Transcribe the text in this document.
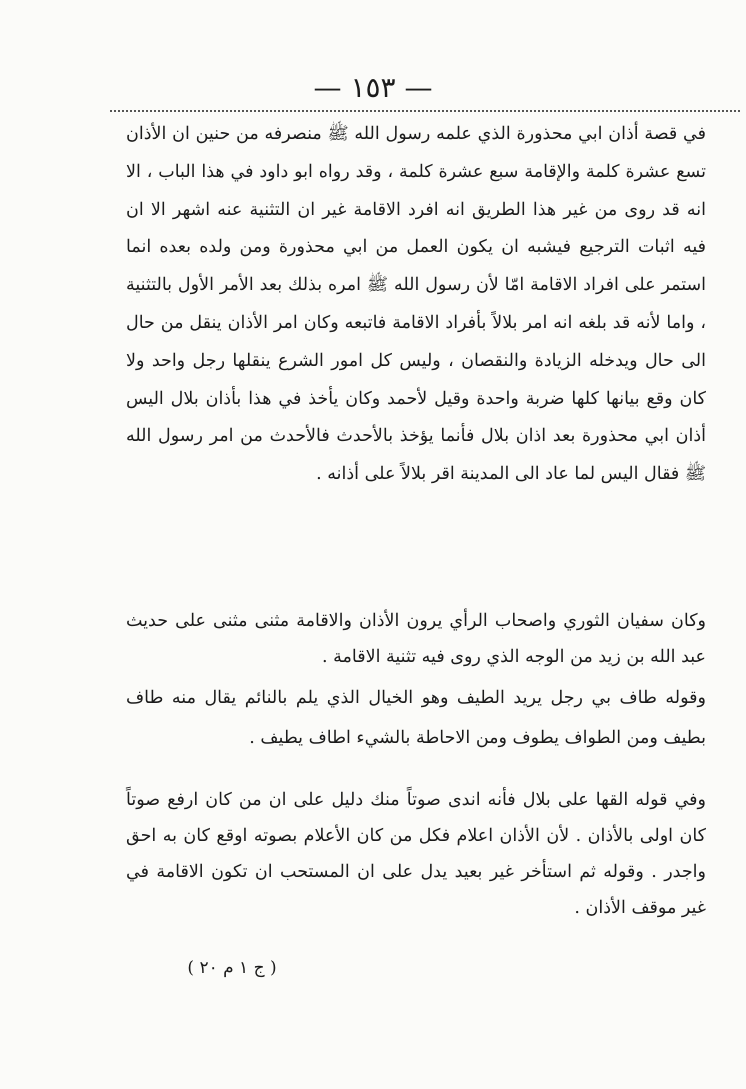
— ١٥٣ —

في قصة أذان ابي محذورة الذي علمه رسول الله ﷺ منصرفه من حنين ان الأذان تسع عشرة كلمة والإقامة سبع عشرة كلمة ، وقد رواه ابو داود في هذا الباب ، الا انه قد روى من غير هذا الطريق انه افرد الاقامة غير ان التثنية عنه اشهر الا ان فيه اثبات الترجيع فيشبه ان يكون العمل من ابي محذورة ومن ولده بعده انما استمر على افراد الاقامة امّا لأن رسول الله ﷺ امره بذلك بعد الأمر الأول بالتثنية ، واما لأنه قد بلغه انه امر بلالاً بأفراد الاقامة فاتبعه وكان امر الأذان ينقل من حال الى حال ويدخله الزيادة والنقصان ، وليس كل امور الشرع ينقلها رجل واحد ولا كان وقع بيانها كلها ضربة واحدة وقيل لأحمد وكان يأخذ في هذا بأذان بلال اليس أذان ابي محذورة بعد اذان بلال فأنما يؤخذ بالأحدث فالأحدث من امر رسول الله ﷺ فقال اليس لما عاد الى المدينة اقر بلالاً على أذانه .

وكان سفيان الثوري واصحاب الرأي يرون الأذان والاقامة مثنى مثنى على حديث عبد الله بن زيد من الوجه الذي روى فيه تثنية الاقامة .

وقوله طاف بي رجل يريد الطيف وهو الخيال الذي يلم بالنائم يقال منه طاف بطيف ومن الطواف يطوف ومن الاحاطة بالشيء اطاف يطيف .

وفي قوله القها على بلال فأنه اندى صوتاً منك دليل على ان من كان ارفع صوتاً كان اولى بالأذان . لأن الأذان اعلام فكل من كان الأعلام بصوته اوقع كان به احق واجدر . وقوله ثم استأخر غير بعيد يدل على ان المستحب ان تكون الاقامة في غير موقف الأذان .

( ج ١ م ٢٠ )
